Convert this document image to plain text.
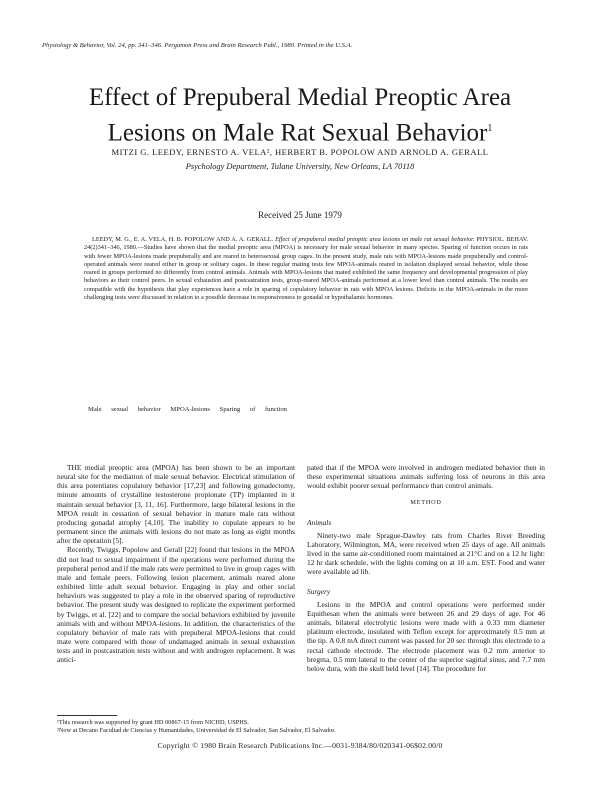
Physiology & Behavior, Vol. 24, pp. 341–346. Pergamon Press and Brain Research Publ., 1980. Printed in the U.S.A.
Effect of Prepuberal Medial Preoptic Area
Lesions on Male Rat Sexual Behavior$^1$
MITZI G. LEEDY, ERNESTO A. VELA², HERBERT B. POPOLOW AND ARNOLD A. GERALL
Psychology Department, Tulane University, New Orleans, LA 70118
Received 25 June 1979
LEEDY, M. G., E. A. VELA, H. B. POPOLOW AND A. A. GERALL. Effect of prepuberal medial preoptic area lesions on male rat sexual behavior. PHYSIOL. BEHAV. 24(2)341–346, 1980.—Studies have shown that the medial preoptic area (MPOA) is necessary for male sexual behavior in many species. Sparing of function occurs in rats with fewer MPOA-lesions made prepuberally and are reared in heterosexual group cages. In the present study, male rats with MPOA-lesions made prepuberally and control-operated animals were reared either in group or solitary cages. In these regular mating tests few MPOA-animals reared in isolation displayed sexual behavior, while those reared in groups performed no differently from control animals. Animals with MPOA-lesions that mated exhibited the same frequency and developmental progression of play behaviors as their control peers. In sexual exhaustion and postcastration tests, group-reared MPOA-animals performed at a lower level than control animals. The results are compatible with the hypothesis that play experiences have a role in sparing of copulatory behavior in rats with MPOA lesions. Deficits in the MPOA-animals in the more challenging tests were discussed in relation to a possible decrease in responsiveness to gonadal or hypothalamic hormones.
Male sexual behavior MPOA-lesions Sparing of function

THE medial preoptic area (MPOA) has been shown to be an important neural site for the mediation of male sexual behavior. Electrical stimulation of this area potentiates copulatory behavior [17,23] and following gonadectomy, minute amounts of crystalline testosterone propionate (TP) implanted in it maintain sexual behavior [3, 11, 16]. Furthermore, large bilateral lesions in the MPOA result in cessation of sexual behavior in mature male rats without producing gonadal atrophy [4,10]. The inability to copulate appears to be permanent since the animals with lesions do not mate as long as eight months after the operation [5].

Recently, Twiggs, Popolow and Gerall [22] found that lesions in the MPOA did not lead to sexual impairment if the operations were performed during the prepuberal period and if the male rats were permitted to live in group cages with male and female peers. Following lesion placement, animals reared alone exhibited little adult sexual behavior. Engaging in play and other social behaviors was suggested to play a role in the observed sparing of reproductive behavior. The present study was designed to replicate the experiment performed by Twiggs, et al. [22] and to compare the social behaviors exhibited by juvenile animals with and without MPOA-lesions. In addition, the characteristics of the copulatory behavior of male rats with prepuberal MPOA-lesions that could mate were compared with those of undamaged animals in sexual exhaustion tests and in postcastration tests without and with androgen replacement. It was antici-

pated that if the MPOA were involved in androgen mediated behavior then in these experimental situations animals suffering loss of neurons in this area would exhibit poorer sexual performance than control animals.

METHOD
Animals

Ninety-two male Sprague-Dawley rats from Charles River Breeding Laboratory, Wilmington, MA, were received when 25 days of age. All animals lived in the same air-conditioned room maintained at 21°C and on a 12 hr light: 12 hr dark schedule, with the lights coming on at 10 a.m. EST. Food and water were available ad lib.

Surgery

Lesions in the MPOA and control operations were performed under Equithesan when the animals were between 26 and 29 days of age. For 46 animals, bilateral electrolytic lesions were made with a 0.33 mm diameter platinum electrode, insulated with Teflon except for approximately 0.5 mm at the tip. A 0.8 mA direct current was passed for 20 sec through this electrode to a rectal cathode electrode. The electrode placement was 0.2 mm anterior to bregma, 0.5 mm lateral to the center of the superior sagittal sinus, and 7.7 mm below dura, with the skull held level [14]. The procedure for

¹This research was supported by grant HD 00867-15 from NICHD, USPHS.

²Now at Decano Facultad de Ciencias y Humanidades, Universidad de El Salvador, San Salvador, El Salvador.

Copyright © 1980 Brain Research Publications Inc.—0031-9384/80/020341-06$02.00/0
